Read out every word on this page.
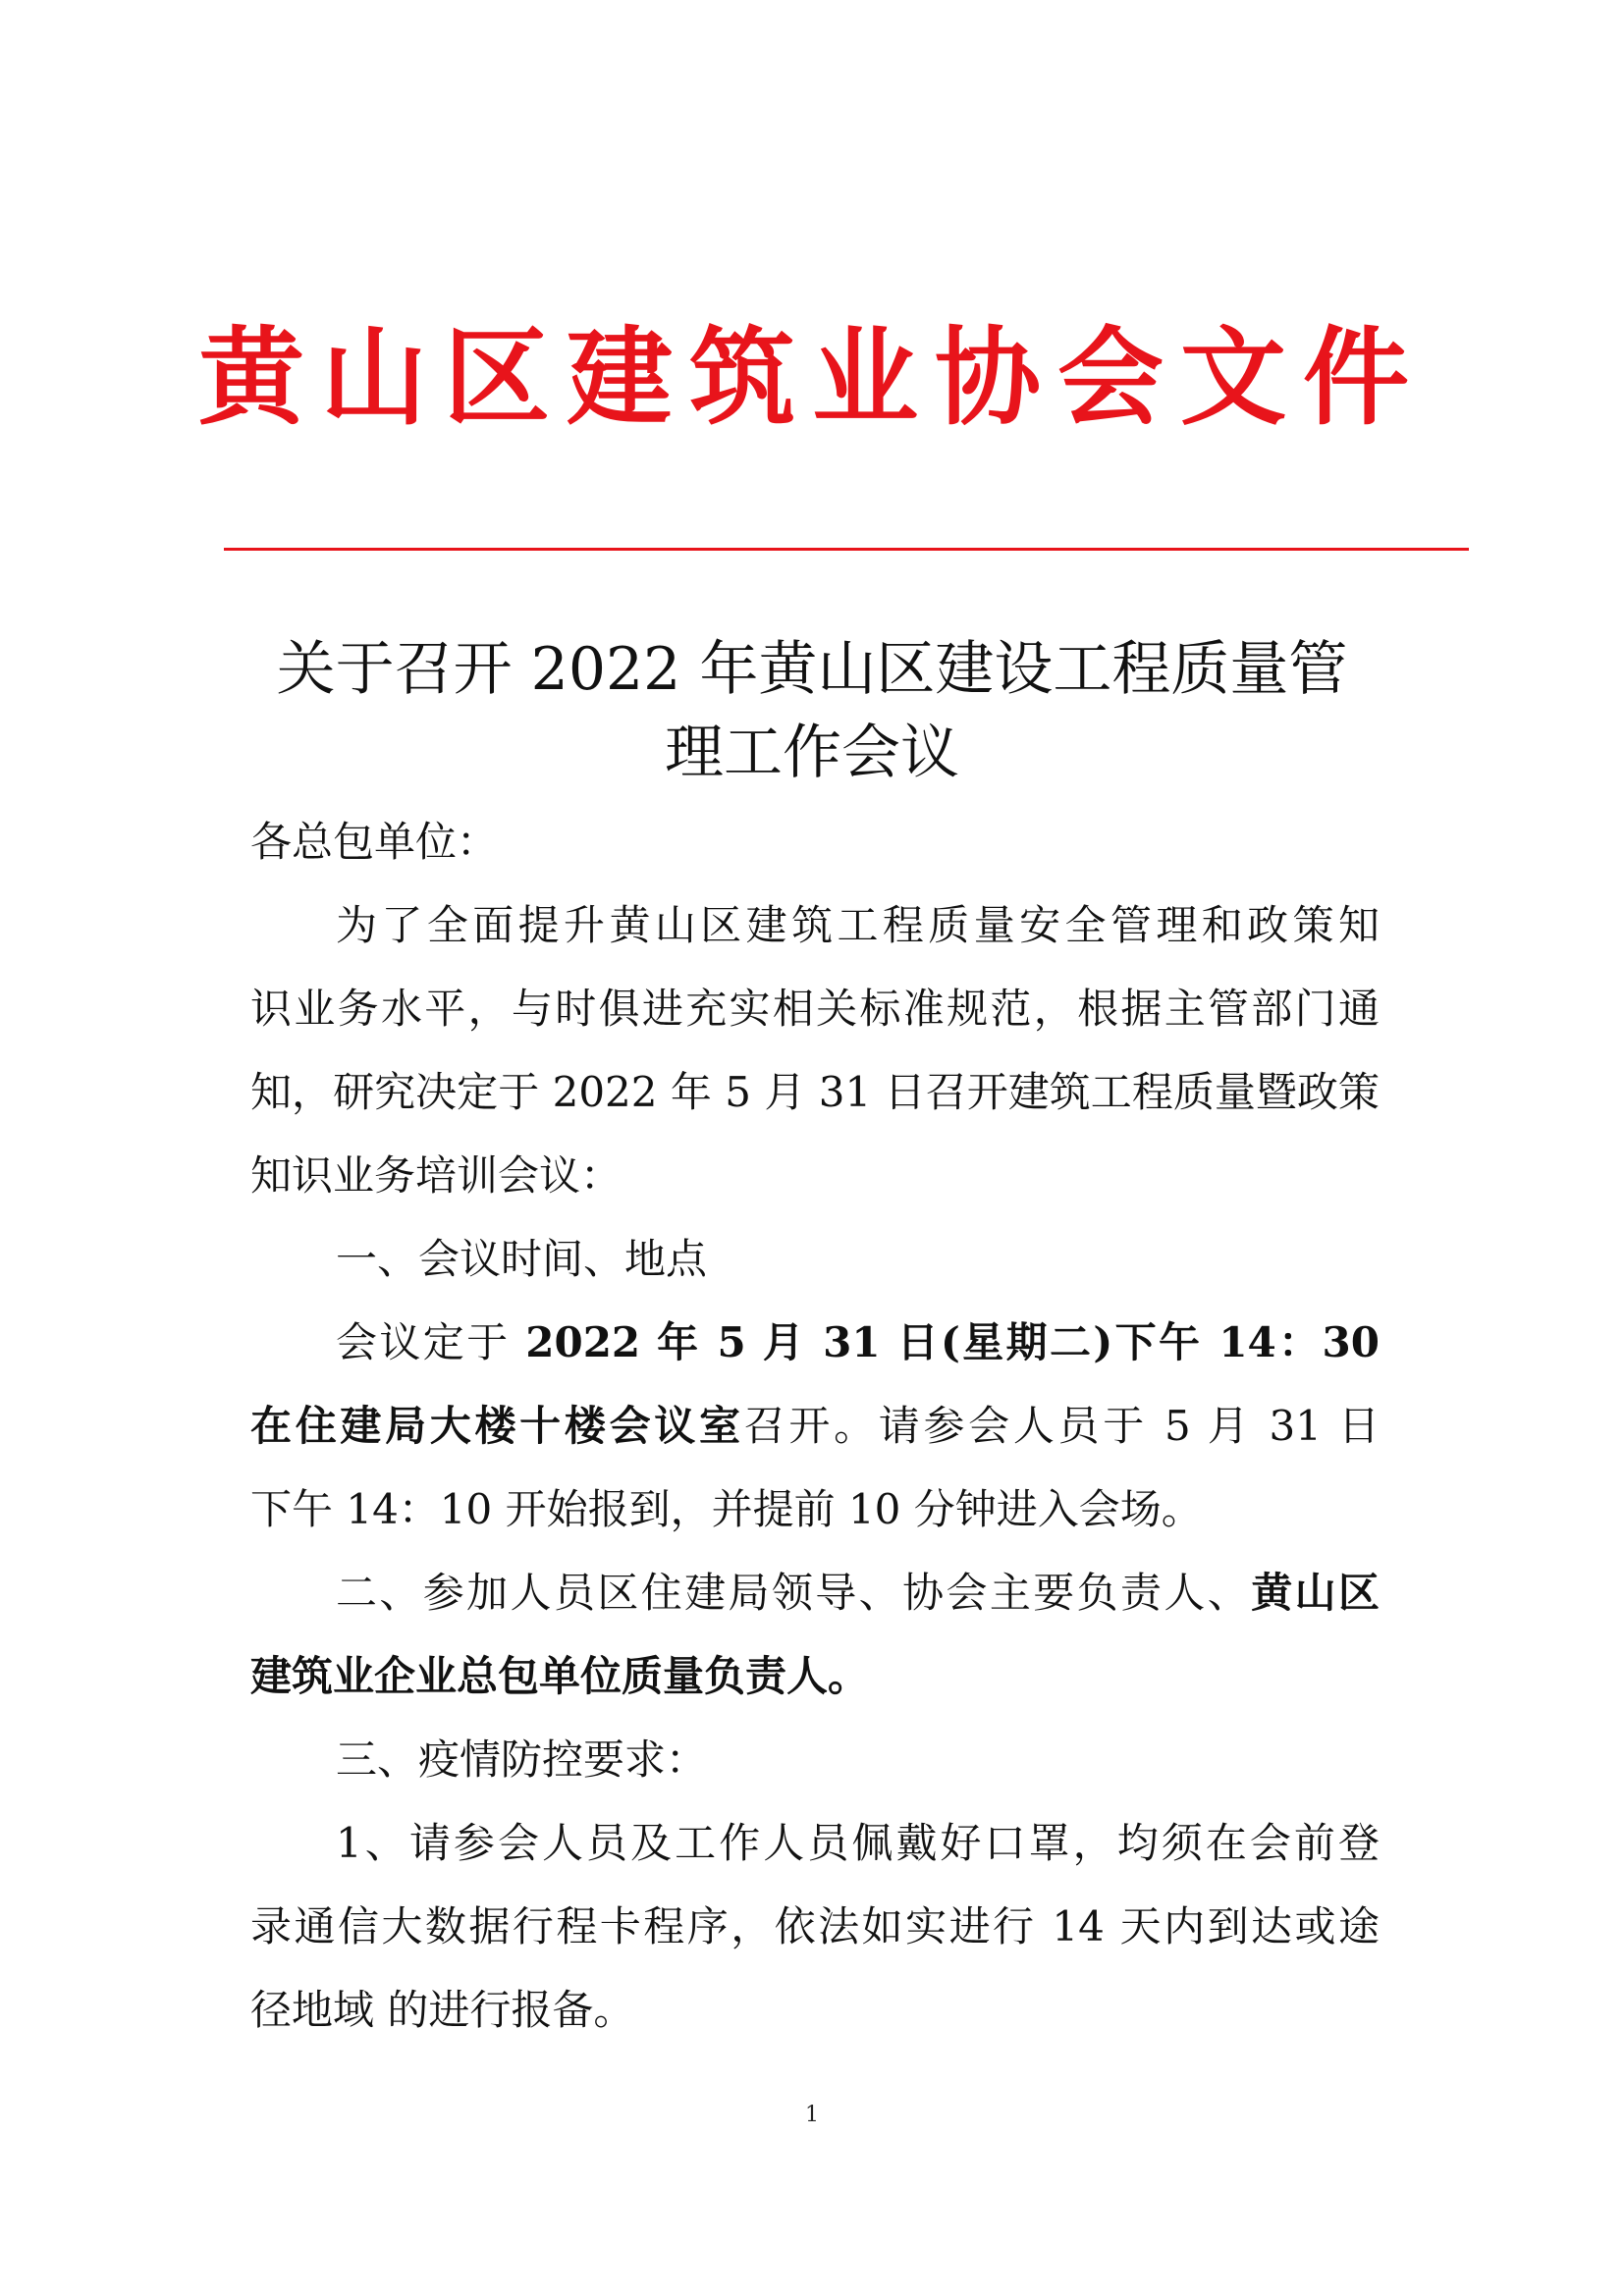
黄山区建筑业协会文件
关于召开 2022 年黄山区建设工程质量管
理工作会议
各总包单位：
为了全面提升黄山区建筑工程质量安全管理和政策知
识业务水平，与时俱进充实相关标准规范，根据主管部门通
知，研究决定于 2022 年 5 月 31 日召开建筑工程质量暨政策
知识业务培训会议：
一、会议时间、地点
会议定于 2022 年 5 月 31 日(星期二)下午 14：30
在住建局大楼十楼会议室召开。请参会人员于 5 月 31 日
下午 14：10 开始报到，并提前 10 分钟进入会场。
二、参加人员区住建局领导、协会主要负责人、黄山区
建筑业企业总包单位质量负责人。
三、疫情防控要求：
1、请参会人员及工作人员佩戴好口罩，均须在会前登
录通信大数据行程卡程序，依法如实进行 14 天内到达或途
径地域 的进行报备。
1
